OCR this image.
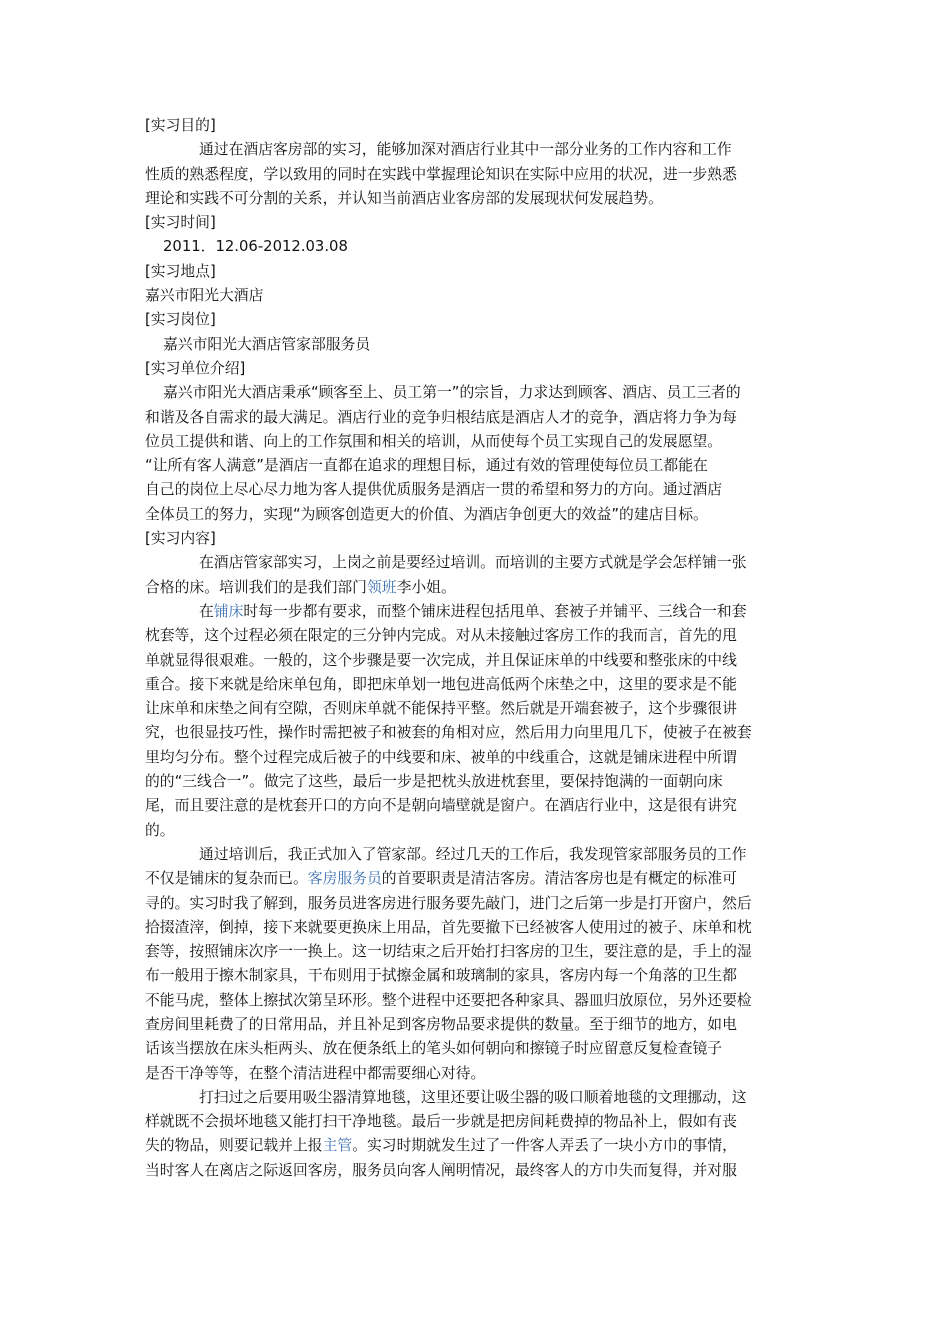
[实习目的]
通过在酒店客房部的实习，能够加深对酒店行业其中一部分业务的工作内容和工作
性质的熟悉程度，学以致用的同时在实践中掌握理论知识在实际中应用的状况，进一步熟悉
理论和实践不可分割的关系，并认知当前酒店业客房部的发展现状何发展趋势。
[实习时间]
2011．12.06-2012.03.08
[实习地点]
嘉兴市阳光大酒店
[实习岗位]
嘉兴市阳光大酒店管家部服务员
[实习单位介绍]
嘉兴市阳光大酒店秉承“顾客至上、员工第一”的宗旨，力求达到顾客、酒店、员工三者的
和谐及各自需求的最大满足。酒店行业的竞争归根结底是酒店人才的竞争，酒店将力争为每
位员工提供和谐、向上的工作氛围和相关的培训，从而使每个员工实现自己的发展愿望。
“让所有客人满意”是酒店一直都在追求的理想目标，通过有效的管理使每位员工都能在
自己的岗位上尽心尽力地为客人提供优质服务是酒店一贯的希望和努力的方向。通过酒店
全体员工的努力，实现“为顾客创造更大的价值、为酒店争创更大的效益”的建店目标。
[实习内容]
在酒店管家部实习，上岗之前是要经过培训。而培训的主要方式就是学会怎样铺一张
合格的床。培训我们的是我们部门领班李小姐。
在铺床时每一步都有要求，而整个铺床进程包括甩单、套被子并铺平、三线合一和套
枕套等，这个过程必须在限定的三分钟内完成。对从未接触过客房工作的我而言，首先的甩
单就显得很艰难。一般的，这个步骤是要一次完成，并且保证床单的中线要和整张床的中线
重合。接下来就是给床单包角，即把床单划一地包进高低两个床垫之中，这里的要求是不能
让床单和床垫之间有空隙，否则床单就不能保持平整。然后就是开端套被子，这个步骤很讲
究，也很显技巧性，操作时需把被子和被套的角相对应，然后用力向里甩几下，使被子在被套
里均匀分布。整个过程完成后被子的中线要和床、被单的中线重合，这就是铺床进程中所谓
的的“三线合一”。做完了这些，最后一步是把枕头放进枕套里，要保持饱满的一面朝向床
尾，而且要注意的是枕套开口的方向不是朝向墙壁就是窗户。在酒店行业中，这是很有讲究
的。
通过培训后，我正式加入了管家部。经过几天的工作后，我发现管家部服务员的工作
不仅是铺床的复杂而已。客房服务员的首要职责是清洁客房。清洁客房也是有概定的标准可
寻的。实习时我了解到，服务员进客房进行服务要先敲门，进门之后第一步是打开窗户，然后
拾掇渣滓，倒掉，接下来就要更换床上用品，首先要撤下已经被客人使用过的被子、床单和枕
套等，按照铺床次序一一换上。这一切结束之后开始打扫客房的卫生，要注意的是，手上的湿
布一般用于擦木制家具，干布则用于拭擦金属和玻璃制的家具，客房内每一个角落的卫生都
不能马虎，整体上擦拭次第呈环形。整个进程中还要把各种家具、器皿归放原位，另外还要检
查房间里耗费了的日常用品，并且补足到客房物品要求提供的数量。至于细节的地方，如电
话该当摆放在床头柜两头、放在便条纸上的笔头如何朝向和擦镜子时应留意反复检查镜子
是否干净等等，在整个清洁进程中都需要细心对待。
打扫过之后要用吸尘器清算地毯，这里还要让吸尘器的吸口顺着地毯的文理挪动，这
样就既不会损坏地毯又能打扫干净地毯。最后一步就是把房间耗费掉的物品补上，假如有丧
失的物品，则要记载并上报主管。实习时期就发生过了一件客人弄丢了一块小方巾的事情，
当时客人在离店之际返回客房，服务员向客人阐明情况，最终客人的方巾失而复得，并对服
